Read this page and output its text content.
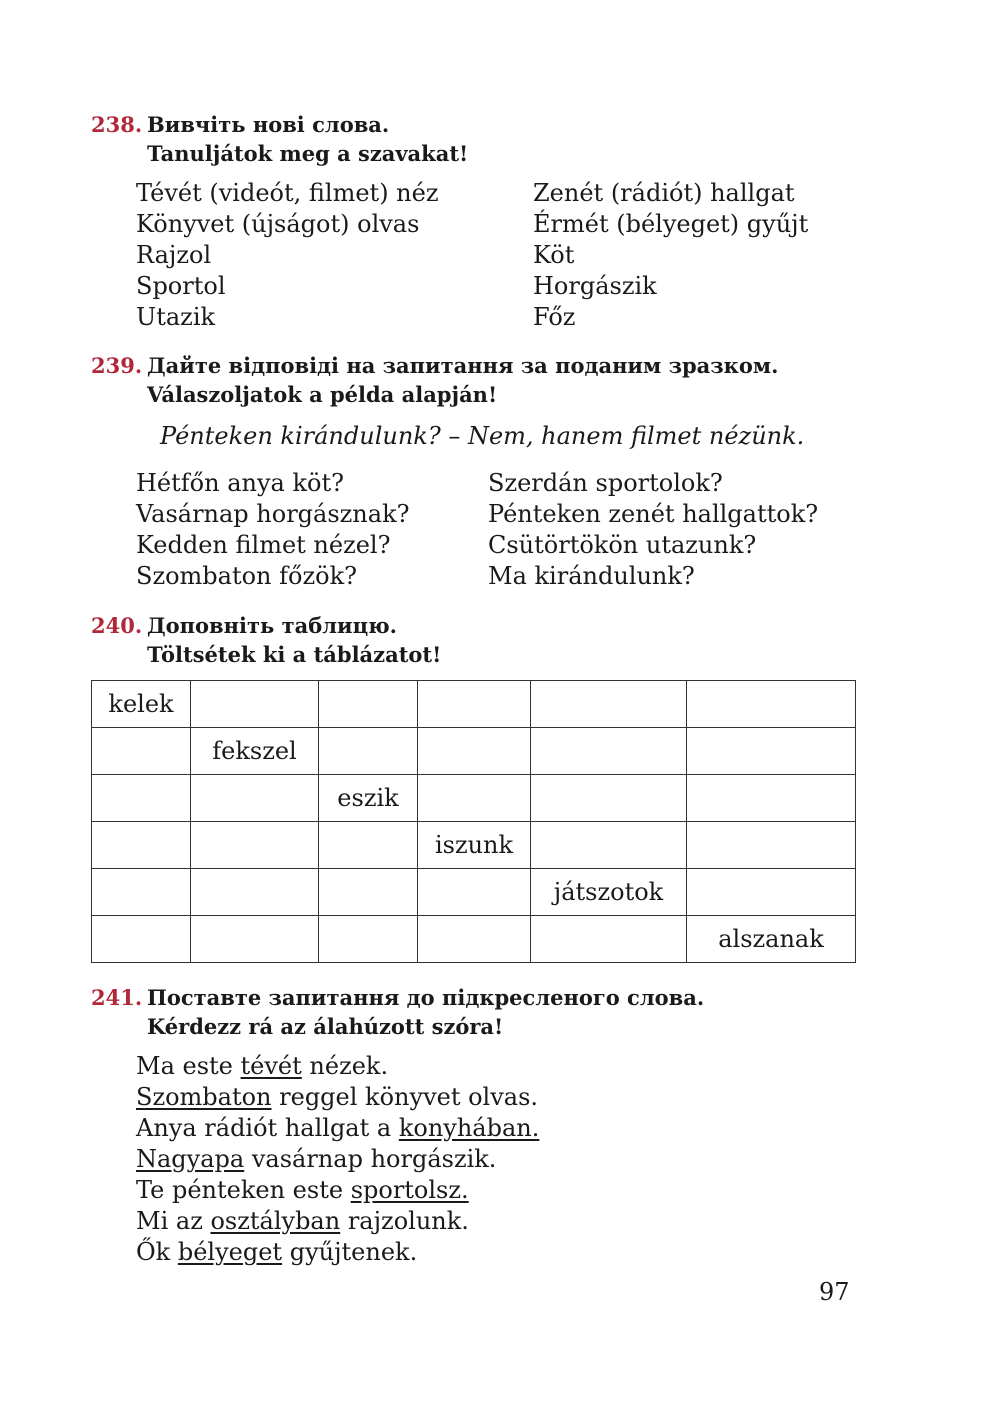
238. Вивчіть нові слова.
Tanuljátok meg a szavakat!
Tévét (videót, filmet) néz
Könyvet (újságot) olvas
Rajzol
Sportol
Utazik
Zenét (rádiót) hallgat
Érmét (bélyeget) gyűjt
Köt
Horgászik
Főz
239. Дайте відповіді на запитання за поданим зразком.
Válaszoljatok a példa alapján!
Pénteken kirándulunk? – Nem, hanem filmet nézünk.
Hétfőn anya köt?
Vasárnap horgásznak?
Kedden filmet nézel?
Szombaton főzök?
Szerdán sportolok?
Pénteken zenét hallgattok?
Csütörtökön utazunk?
Ma kirándulunk?
240. Доповніть таблицю.
Töltsétek ki a táblázatot!
kelek					
	fekszel				
		eszik			
			iszunk		
				játszotok	
					alszanak
241. Поставте запитання до підкресленого слова.
Kérdezz rá az álahúzott szóra!
Ma este tévét nézek.
Szombaton reggel könyvet olvas.
Anya rádiót hallgat a konyhában.
Nagyapa vasárnap horgászik.
Te pénteken este sportolsz.
Mi az osztályban rajzolunk.
Ők bélyeget gyűjtenek.
97
